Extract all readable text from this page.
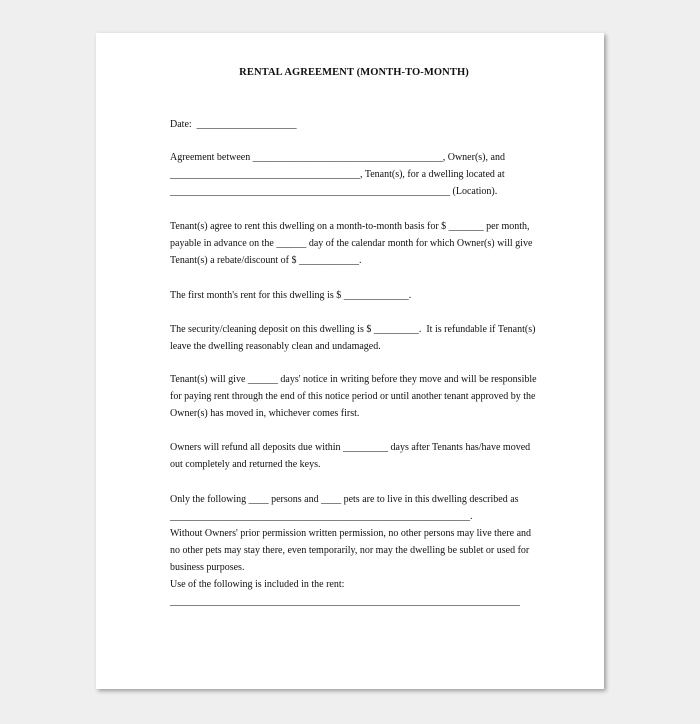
RENTAL AGREEMENT (MONTH-TO-MONTH)
Date:  ____________________
Agreement between ______________________________________, Owner(s), and
______________________________________, Tenant(s), for a dwelling located at
________________________________________________________ (Location).
Tenant(s) agree to rent this dwelling on a month-to-month basis for $ _______ per month,
payable in advance on the ______ day of the calendar month for which Owner(s) will give
Tenant(s) a rebate/discount of $ ____________.
The first month's rent for this dwelling is $ _____________.
The security/cleaning deposit on this dwelling is $ _________.  It is refundable if Tenant(s)
leave the dwelling reasonably clean and undamaged.
Tenant(s) will give ______ days' notice in writing before they move and will be responsible
for paying rent through the end of this notice period or until another tenant approved by the
Owner(s) has moved in, whichever comes first.
Owners will refund all deposits due within _________ days after Tenants has/have moved
out completely and returned the keys.
Only the following ____ persons and ____ pets are to live in this dwelling described as
____________________________________________________________.
Without Owners' prior permission written permission, no other persons may live there and
no other pets may stay there, even temporarily, nor may the dwelling be sublet or used for
business purposes.
Use of the following is included in the rent:
______________________________________________________________________
